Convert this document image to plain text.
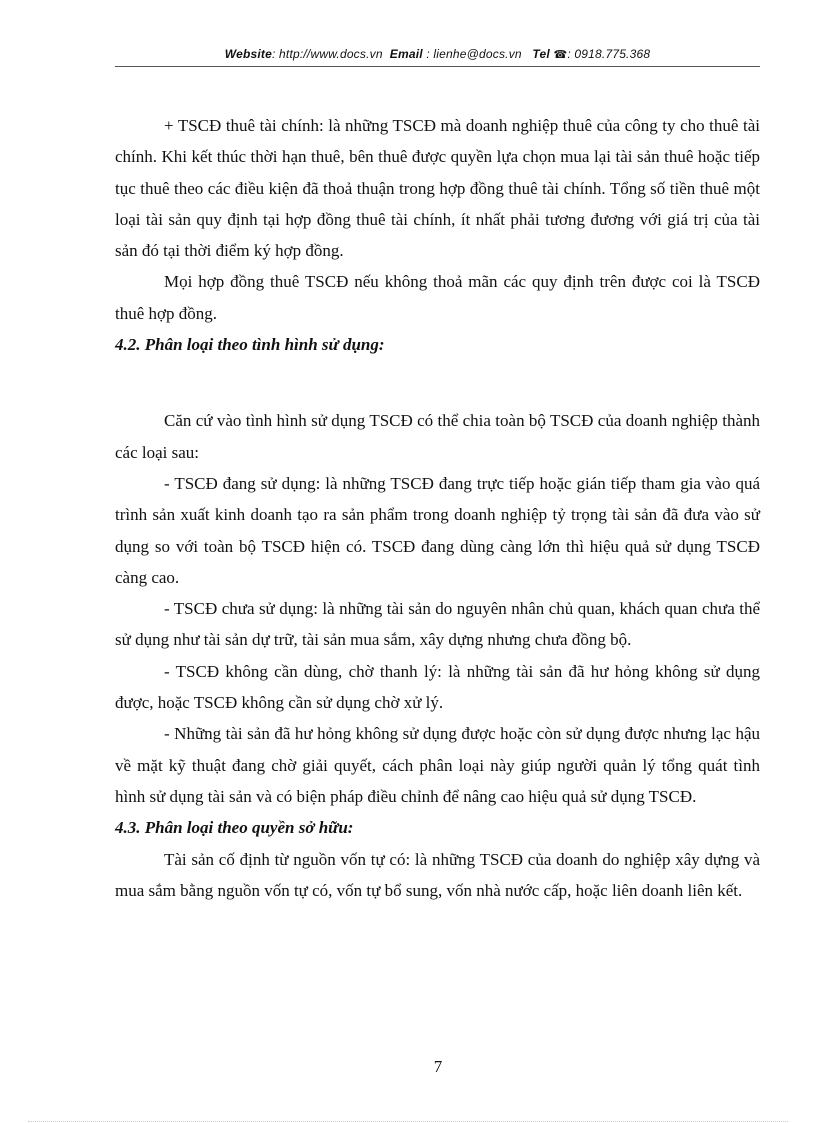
Website: http://www.docs.vn Email : lienhe@docs.vn Tel ☎: 0918.775.368

+ TSCĐ thuê tài chính: là những TSCĐ mà doanh nghiệp thuê của công ty cho thuê tài chính. Khi kết thúc thời hạn thuê, bên thuê được quyền lựa chọn mua lại tài sản thuê hoặc tiếp tục thuê theo các điều kiện đã thoả thuận trong hợp đồng thuê tài chính. Tổng số tiền thuê một loại tài sản quy định tại hợp đồng thuê tài chính, ít nhất phải tương đương với giá trị của tài sản đó tại thời điểm ký hợp đồng.

Mọi hợp đồng thuê TSCĐ nếu không thoả mãn các quy định trên được coi là TSCĐ thuê hợp đồng.

4.2. Phân loại theo tình hình sử dụng:

Căn cứ vào tình hình sử dụng TSCĐ có thể chia toàn bộ TSCĐ của doanh nghiệp thành các loại sau:

- TSCĐ đang sử dụng: là những TSCĐ đang trực tiếp hoặc gián tiếp tham gia vào quá trình sản xuất kinh doanh tạo ra sản phẩm trong doanh nghiệp tỷ trọng tài sản đã đưa vào sử dụng so với toàn bộ TSCĐ hiện có. TSCĐ đang dùng càng lớn thì hiệu quả sử dụng TSCĐ càng cao.

- TSCĐ chưa sử dụng: là những tài sản do nguyên nhân chủ quan, khách quan chưa thể sử dụng như tài sản dự trữ, tài sản mua sắm, xây dựng nhưng chưa đồng bộ.

- TSCĐ không cần dùng, chờ thanh lý: là những tài sản đã hư hỏng không sử dụng được, hoặc TSCĐ không cần sử dụng chờ xử lý.

- Những tài sản đã hư hỏng không sử dụng được hoặc còn sử dụng được nhưng lạc hậu về mặt kỹ thuật đang chờ giải quyết, cách phân loại này giúp người quản lý tổng quát tình hình sử dụng tài sản và có biện pháp điều chỉnh để nâng cao hiệu quả sử dụng TSCĐ.

4.3. Phân loại theo quyền sở hữu:

Tài sản cố định từ nguồn vốn tự có: là những TSCĐ của doanh do nghiệp xây dựng và mua sắm bằng nguồn vốn tự có, vốn tự bổ sung, vốn nhà nước cấp, hoặc liên doanh liên kết.

7
